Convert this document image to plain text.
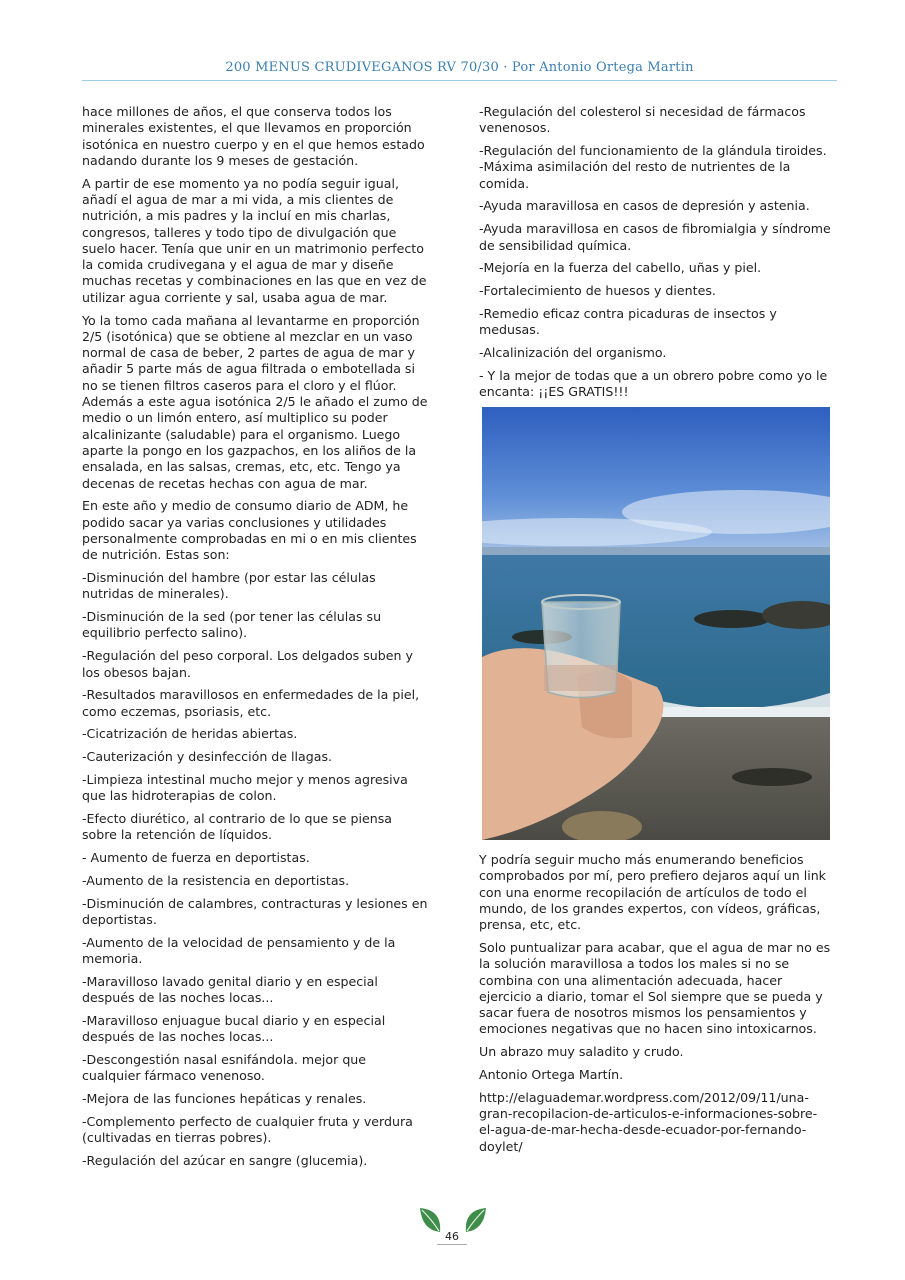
200 MENUS CRUDIVEGANOS RV 70/30 · Por Antonio Ortega Martin

hace millones de años, el que conserva todos los minerales existentes, el que llevamos en proporción isotónica en nuestro cuerpo y en el que hemos estado nadando durante los 9 meses de gestación.

A partir de ese momento ya no podía seguir igual, añadí el agua de mar a mi vida, a mis clientes de nutrición, a mis padres y la incluí en mis charlas, congresos, talleres y todo tipo de divulgación que suelo hacer. Tenía que unir en un matrimonio perfecto la comida crudivegana y el agua de mar y diseñe muchas recetas y combinaciones en las que en vez de utilizar agua corriente y sal, usaba agua de mar.

Yo la tomo cada mañana al levantarme en proporción 2/5 (isotónica) que se obtiene al mezclar en un vaso normal de casa de beber, 2 partes de agua de mar y añadir 5 parte más de agua filtrada o embotellada si no se tienen filtros caseros para el cloro y el flúor. Además a este agua isotónica 2/5 le añado el zumo de medio o un limón entero, así multiplico su poder alcalinizante (saludable) para el organismo. Luego aparte la pongo en los gazpachos, en los aliños de la ensalada, en las salsas, cremas, etc, etc. Tengo ya decenas de recetas hechas con agua de mar.

En este año y medio de consumo diario de ADM, he podido sacar ya varias conclusiones y utilidades personalmente comprobadas en mi o en mis clientes de nutrición. Estas son:

-Disminución del hambre (por estar las células nutridas de minerales).

-Disminución de la sed (por tener las células su equilibrio perfecto salino).

-Regulación del peso corporal. Los delgados suben y los obesos bajan.

-Resultados maravillosos en enfermedades de la piel, como eczemas, psoriasis, etc.

-Cicatrización de heridas abiertas.

-Cauterización y desinfección de llagas.

-Limpieza intestinal mucho mejor y menos agresiva que las hidroterapias de colon.

-Efecto diurético, al contrario de lo que se piensa sobre la retención de líquidos.

- Aumento de fuerza en deportistas.

-Aumento de la resistencia en deportistas.

-Disminución de calambres, contracturas y lesiones en deportistas.

-Aumento de la velocidad de pensamiento y de la memoria.

-Maravilloso lavado genital diario y en especial después de las noches locas...

-Maravilloso enjuague bucal diario y en especial después de las noches locas...

-Descongestión nasal esnifándola. mejor que cualquier fármaco venenoso.

-Mejora de las funciones hepáticas y renales.

-Complemento perfecto de cualquier fruta y verdura (cultivadas en tierras pobres).

-Regulación del azúcar en sangre (glucemia).

-Regulación del colesterol si necesidad de fármacos venenosos.

-Regulación del funcionamiento de la glándula tiroides. -Máxima asimilación del resto de nutrientes de la comida.

-Ayuda maravillosa en casos de depresión y astenia.

-Ayuda maravillosa en casos de fibromialgia y síndrome de sensibilidad química.

-Mejoría en la fuerza del cabello, uñas y piel.

-Fortalecimiento de huesos y dientes.

-Remedio eficaz contra picaduras de insectos y medusas.

-Alcalinización del organismo.

- Y la mejor de todas que a un obrero pobre como yo le encanta: ¡¡ES GRATIS!!!

Y podría seguir mucho más enumerando beneficios comprobados por mí, pero prefiero dejaros aquí un link con una enorme recopilación de artículos de todo el mundo, de los grandes expertos, con vídeos, gráficas, prensa, etc, etc.

Solo puntualizar para acabar, que el agua de mar no es la solución maravillosa a todos los males si no se combina con una alimentación adecuada, hacer ejercicio a diario, tomar el Sol siempre que se pueda y sacar fuera de nosotros mismos los pensamientos y emociones negativas que no hacen sino intoxicarnos.

Un abrazo muy saladito y crudo.

Antonio Ortega Martín.

http://elaguademar.wordpress.com/2012/09/11/una-gran-recopilacion-de-articulos-e-informaciones-sobre-el-agua-de-mar-hecha-desde-ecuador-por-fernando-doylet/

46
